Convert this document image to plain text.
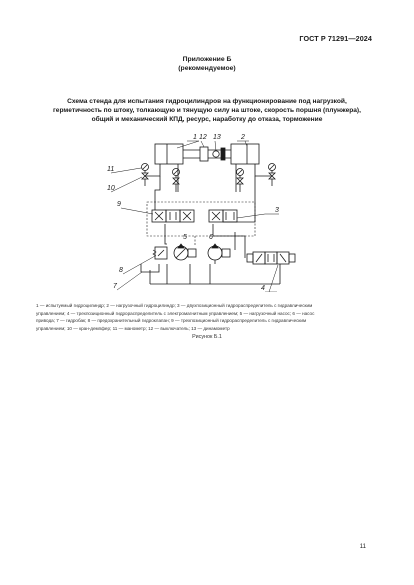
ГОСТ Р 71291—2024
Приложение Б
(рекомендуемое)
Схема стенда для испытания гидроцилиндров на функционирование под нагрузкой,
герметичность по штоку, толкающую и тянущую силу на штоке, скорость поршня (плунжера),
общий и механический КПД, ресурс, наработку до отказа, торможение
1	2
3
4
5	6
7
8
9
10
11
12 13
1 — испытуемый гидроцилиндр; 2 — нагрузочный гидроцилиндр; 3 — двухпозиционный гидрораспределитель с гидравлическим
управлением; 4 — трехпозиционный гидрораспределитель с электромагнитным управлением; 5 — нагрузочный насос; 6 — насос
привода; 7 — гидробак; 8 — предохранительный гидроклапан; 9 — трехпозиционный гидрораспределитель с гидравлическим
управлением; 10 — кран-демпфер; 11 — манометр; 12 — выключатель; 13 — динамометр
Рисунок Б.1
11
